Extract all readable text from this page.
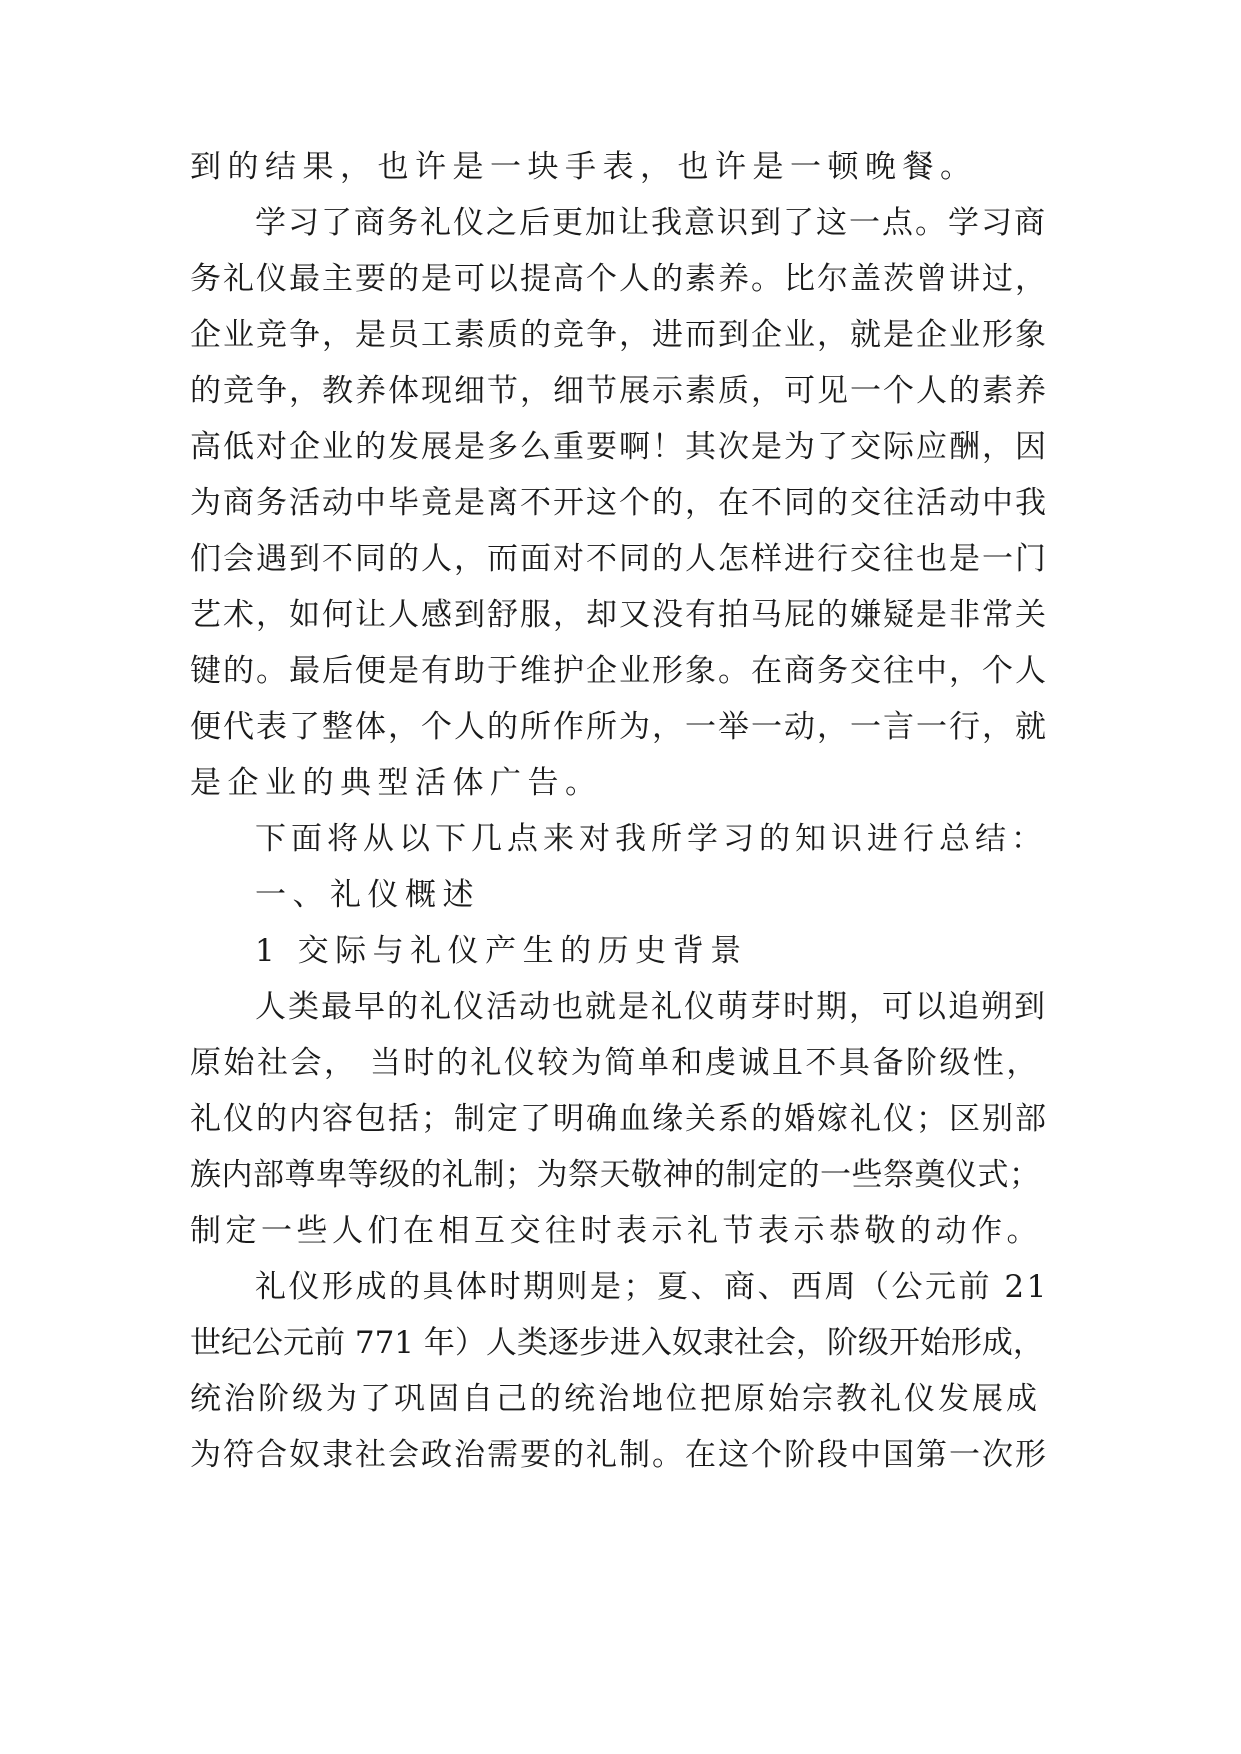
到的结果，也许是一块手表，也许是一顿晚餐。

学习了商务礼仪之后更加让我意识到了这一点。学习商

务礼仪最主要的是可以提高个人的素养。比尔盖茨曾讲过，

企业竞争，是员工素质的竞争，进而到企业，就是企业形象

的竞争，教养体现细节，细节展示素质，可见一个人的素养

高低对企业的发展是多么重要啊！其次是为了交际应酬，因

为商务活动中毕竟是离不开这个的，在不同的交往活动中我

们会遇到不同的人，而面对不同的人怎样进行交往也是一门

艺术，如何让人感到舒服，却又没有拍马屁的嫌疑是非常关

键的。最后便是有助于维护企业形象。在商务交往中，个人

便代表了整体，个人的所作所为，一举一动，一言一行，就

是企业的典型活体广告。

下面将从以下几点来对我所学习的知识进行总结：

一、礼仪概述

1 交际与礼仪产生的历史背景

人类最早的礼仪活动也就是礼仪萌芽时期，可以追朔到

原始社会， 当时的礼仪较为简单和虔诚且不具备阶级性，

礼仪的内容包括；制定了明确血缘关系的婚嫁礼仪；区别部

族内部尊卑等级的礼制；为祭天敬神的制定的一些祭奠仪式；

制定一些人们在相互交往时表示礼节表示恭敬的动作。

礼仪形成的具体时期则是；夏、商、西周（公元前 21

世纪公元前 771 年）人类逐步进入奴隶社会，阶级开始形成，

统治阶级为了巩固自己的统治地位把原始宗教礼仪发展成

为符合奴隶社会政治需要的礼制。在这个阶段中国第一次形
